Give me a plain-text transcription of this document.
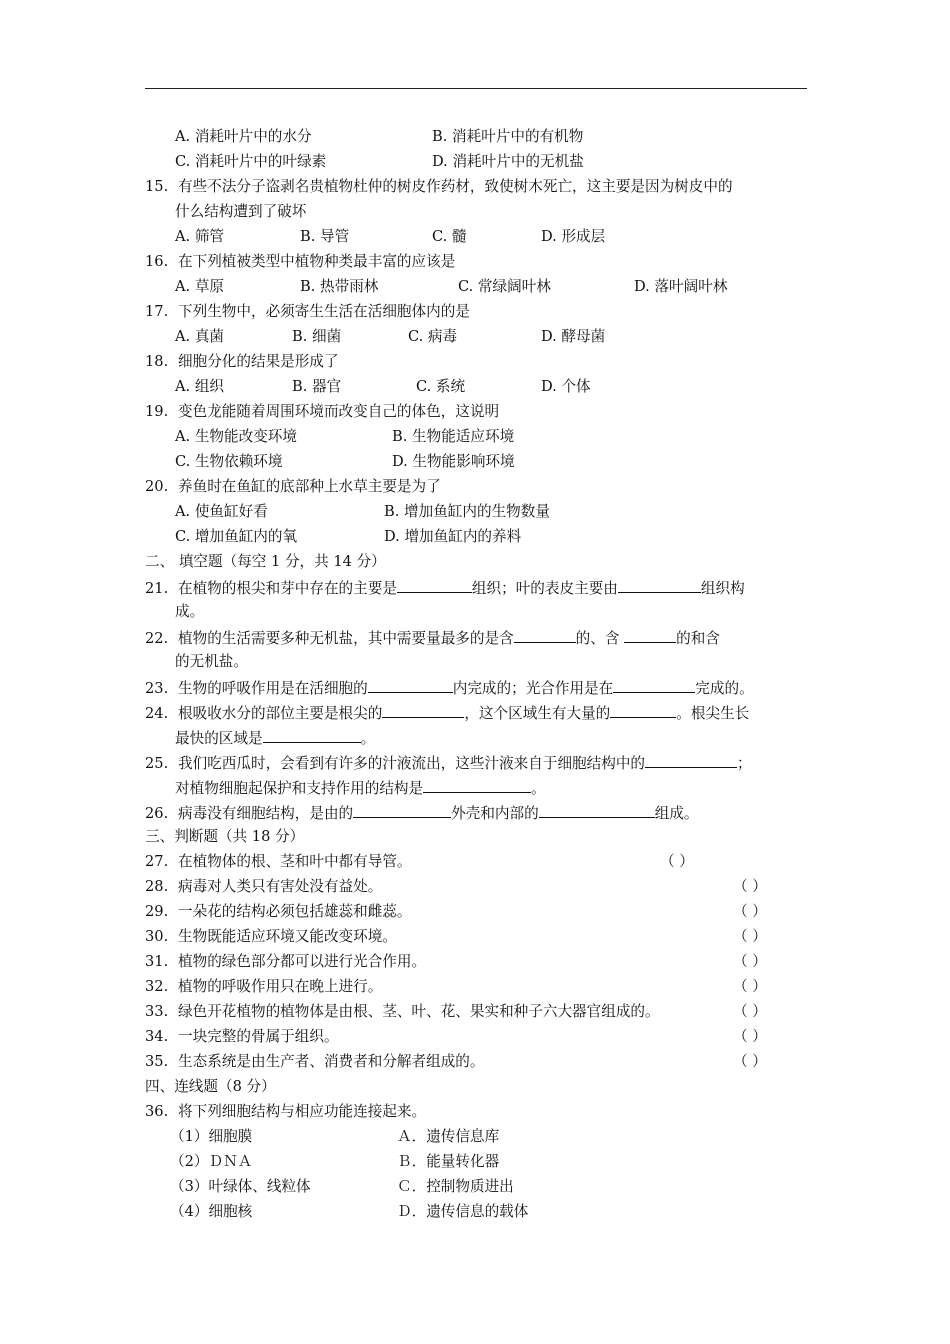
A. 消耗叶片中的水分	B. 消耗叶片中的有机物
C. 消耗叶片中的叶绿素	D. 消耗叶片中的无机盐
15. 有些不法分子盗剥名贵植物杜仲的树皮作药材，致使树木死亡，这主要是因为树皮中的
什么结构遭到了破坏
A. 筛管	B. 导管	C. 髓	D. 形成层
16. 在下列植被类型中植物种类最丰富的应该是
A. 草原	B. 热带雨林	C. 常绿阔叶林	D. 落叶阔叶林
17. 下列生物中，必须寄生生活在活细胞体内的是
A. 真菌	B. 细菌	C. 病毒	D. 酵母菌
18. 细胞分化的结果是形成了
A. 组织	B. 器官	C. 系统	D. 个体
19. 变色龙能随着周围环境而改变自己的体色，这说明
A. 生物能改变环境	B. 生物能适应环境
C. 生物依赖环境	D. 生物能影响环境
20. 养鱼时在鱼缸的底部种上水草主要是为了
A. 使鱼缸好看	B. 增加鱼缸内的生物数量
C. 增加鱼缸内的氧	D. 增加鱼缸内的养料
二、 填空题（每空 1 分，共 14 分）
21. 在植物的根尖和芽中存在的主要是	组织；叶的表皮主要由	组织构
成。
22. 植物的生活需要多种无机盐，其中需要量最多的是含	的、含	的和含
的无机盐。
23. 生物的呼吸作用是在活细胞的	内完成的；光合作用是在	完成的。
24. 根吸收水分的部位主要是根尖的	，这个区域生有大量的	。根尖生长
最快的区域是	。
25. 我们吃西瓜时，会看到有许多的汁液流出，这些汁液来自于细胞结构中的	；
对植物细胞起保护和支持作用的结构是	。
26. 病毒没有细胞结构，是由的	外壳和内部的	组成。
三、判断题（共 18 分）
27. 在植物体的根、茎和叶中都有导管。	（ ）
28. 病毒对人类只有害处没有益处。	（ ）
29. 一朵花的结构必须包括雄蕊和雌蕊。	（ ）
30. 生物既能适应环境又能改变环境。	（ ）
31. 植物的绿色部分都可以进行光合作用。	（ ）
32. 植物的呼吸作用只在晚上进行。	（ ）
33. 绿色开花植物的植物体是由根、茎、叶、花、果实和种子六大器官组成的。	（ ）
34. 一块完整的骨属于组织。	（ ）
35. 生态系统是由生产者、消费者和分解者组成的。	（ ）
四、连线题（8 分）
36. 将下列细胞结构与相应功能连接起来。
（1）细胞膜	Ａ．遗传信息库
（2）ＤＮＡ	Ｂ．能量转化器
（3）叶绿体、线粒体	Ｃ．控制物质进出
（4）细胞核	Ｄ．遗传信息的载体
